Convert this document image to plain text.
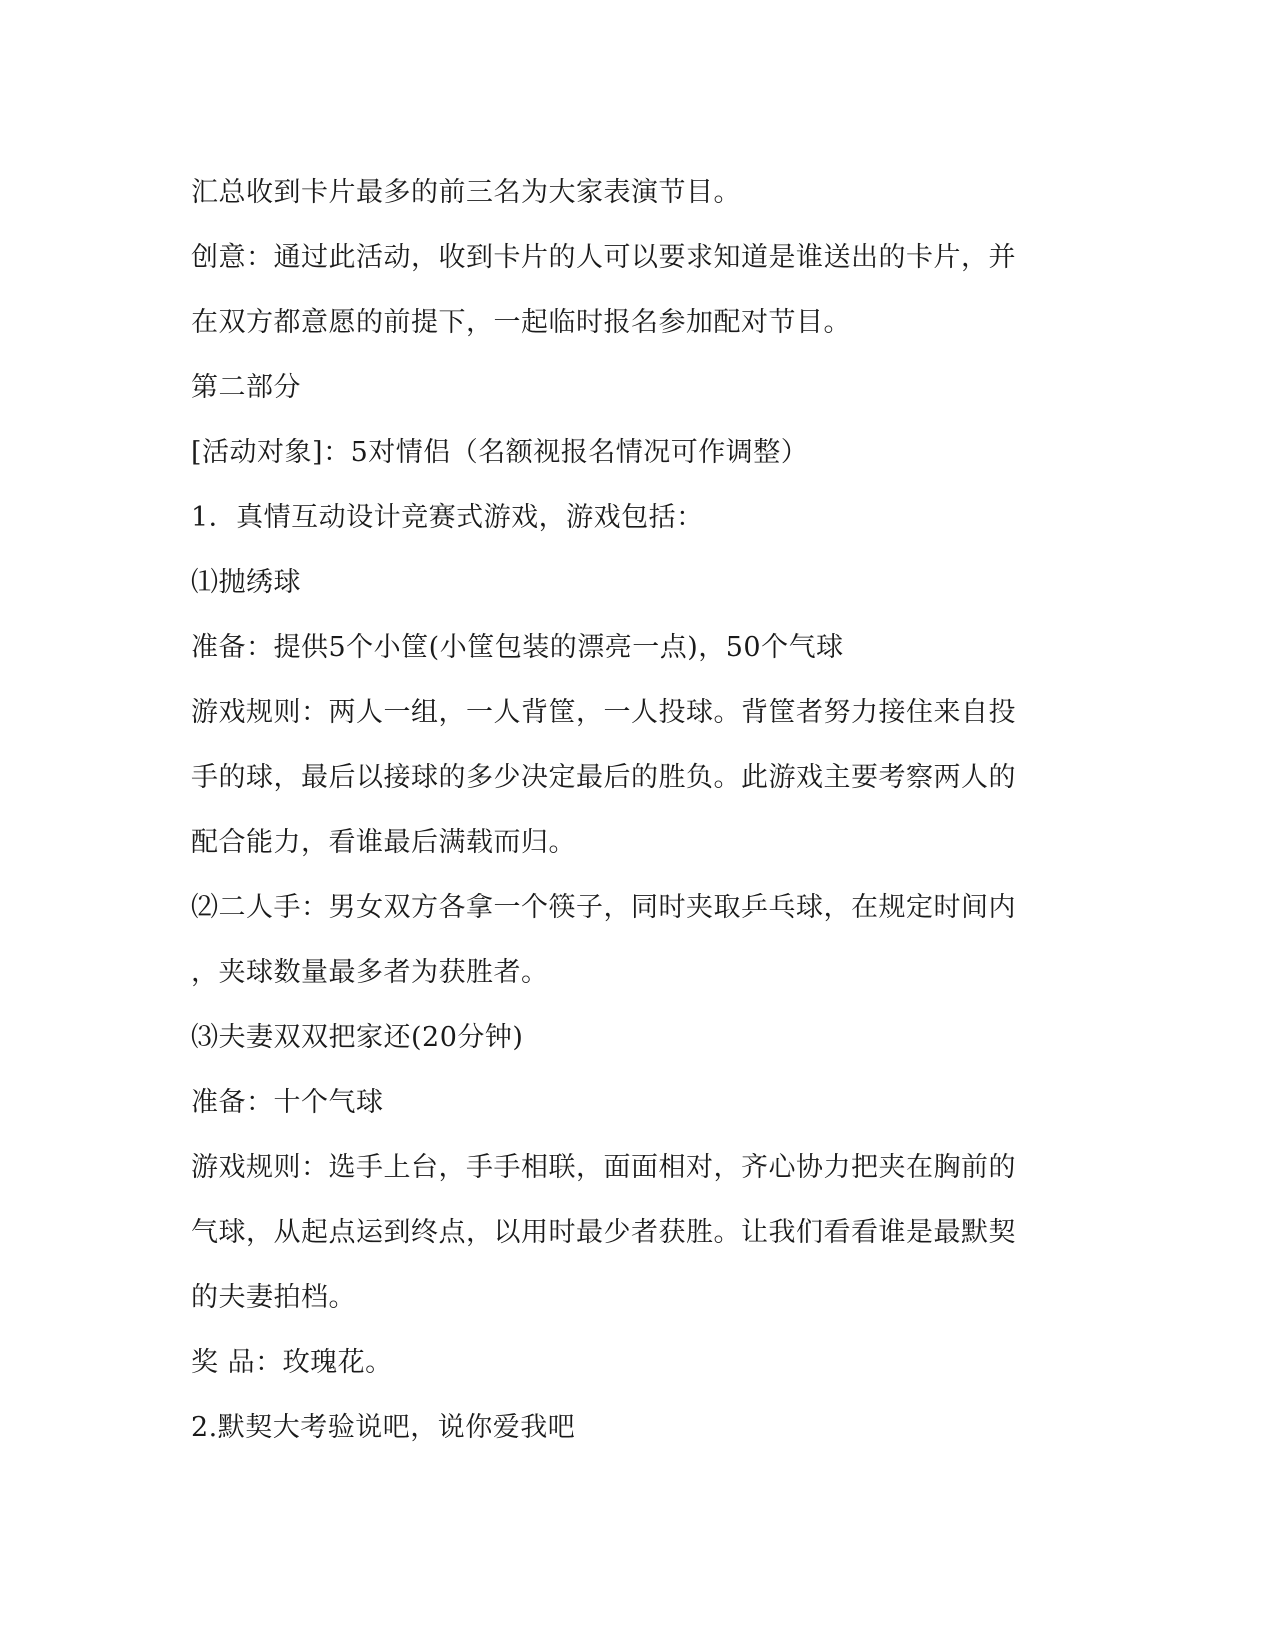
汇总收到卡片最多的前三名为大家表演节目。
创意：通过此活动，收到卡片的人可以要求知道是谁送出的卡片，并
在双方都意愿的前提下，一起临时报名参加配对节目。
第二部分
[活动对象]：5对情侣（名额视报名情况可作调整）
1．真情互动设计竞赛式游戏，游戏包括：
⑴抛绣球
准备：提供5个小筐(小筐包装的漂亮一点)，50个气球
游戏规则：两人一组，一人背筐，一人投球。背筐者努力接住来自投
手的球，最后以接球的多少决定最后的胜负。此游戏主要考察两人的
配合能力，看谁最后满载而归。
⑵二人手：男女双方各拿一个筷子，同时夹取乒乓球，在规定时间内
，夹球数量最多者为获胜者。
⑶夫妻双双把家还(20分钟)
准备：十个气球
游戏规则：选手上台，手手相联，面面相对，齐心协力把夹在胸前的
气球，从起点运到终点，以用时最少者获胜。让我们看看谁是最默契
的夫妻拍档。
奖 品：玫瑰花。
2.默契大考验说吧，说你爱我吧
